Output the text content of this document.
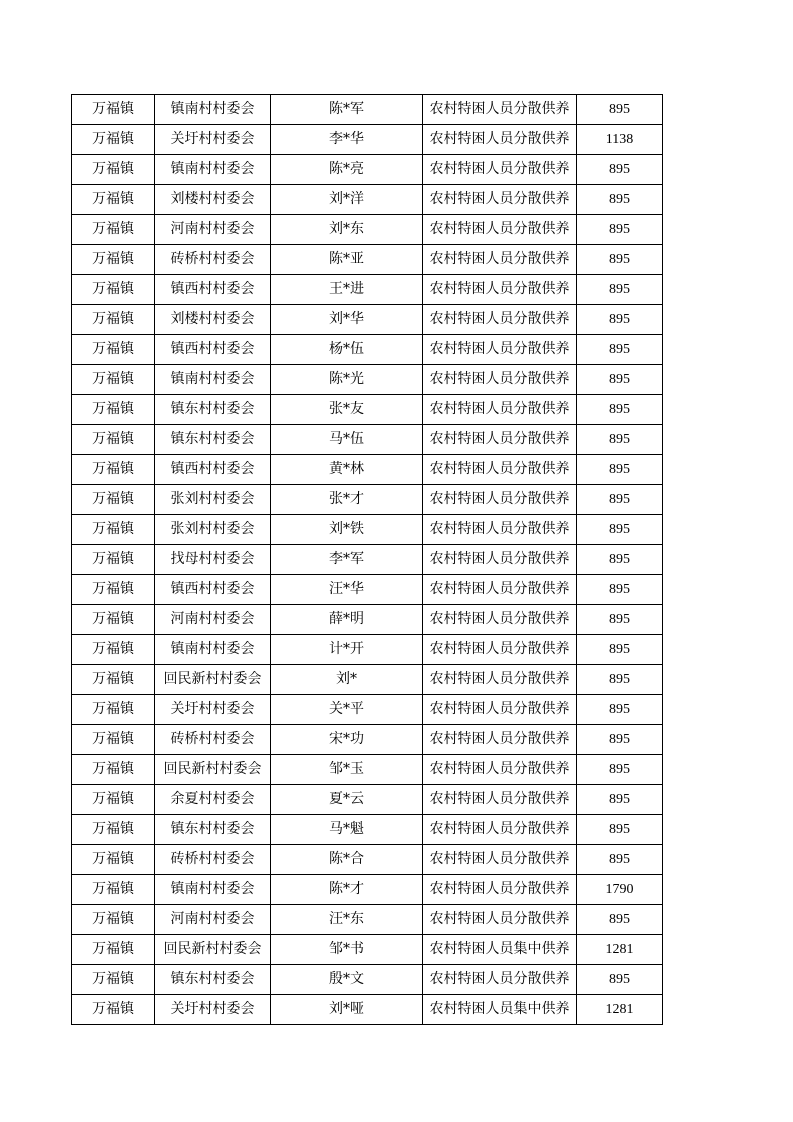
万福镇	镇南村村委会	陈*军	农村特困人员分散供养	895
万福镇	关圩村村委会	李*华	农村特困人员分散供养	1138
万福镇	镇南村村委会	陈*亮	农村特困人员分散供养	895
万福镇	刘楼村村委会	刘*洋	农村特困人员分散供养	895
万福镇	河南村村委会	刘*东	农村特困人员分散供养	895
万福镇	砖桥村村委会	陈*亚	农村特困人员分散供养	895
万福镇	镇西村村委会	王*进	农村特困人员分散供养	895
万福镇	刘楼村村委会	刘*华	农村特困人员分散供养	895
万福镇	镇西村村委会	杨*伍	农村特困人员分散供养	895
万福镇	镇南村村委会	陈*光	农村特困人员分散供养	895
万福镇	镇东村村委会	张*友	农村特困人员分散供养	895
万福镇	镇东村村委会	马*伍	农村特困人员分散供养	895
万福镇	镇西村村委会	黄*林	农村特困人员分散供养	895
万福镇	张刘村村委会	张*才	农村特困人员分散供养	895
万福镇	张刘村村委会	刘*铁	农村特困人员分散供养	895
万福镇	找母村村委会	李*军	农村特困人员分散供养	895
万福镇	镇西村村委会	汪*华	农村特困人员分散供养	895
万福镇	河南村村委会	薛*明	农村特困人员分散供养	895
万福镇	镇南村村委会	计*开	农村特困人员分散供养	895
万福镇	回民新村村委会	刘*	农村特困人员分散供养	895
万福镇	关圩村村委会	关*平	农村特困人员分散供养	895
万福镇	砖桥村村委会	宋*功	农村特困人员分散供养	895
万福镇	回民新村村委会	邹*玉	农村特困人员分散供养	895
万福镇	余夏村村委会	夏*云	农村特困人员分散供养	895
万福镇	镇东村村委会	马*魁	农村特困人员分散供养	895
万福镇	砖桥村村委会	陈*合	农村特困人员分散供养	895
万福镇	镇南村村委会	陈*才	农村特困人员分散供养	1790
万福镇	河南村村委会	汪*东	农村特困人员分散供养	895
万福镇	回民新村村委会	邹*书	农村特困人员集中供养	1281
万福镇	镇东村村委会	殷*文	农村特困人员分散供养	895
万福镇	关圩村村委会	刘*哑	农村特困人员集中供养	1281
